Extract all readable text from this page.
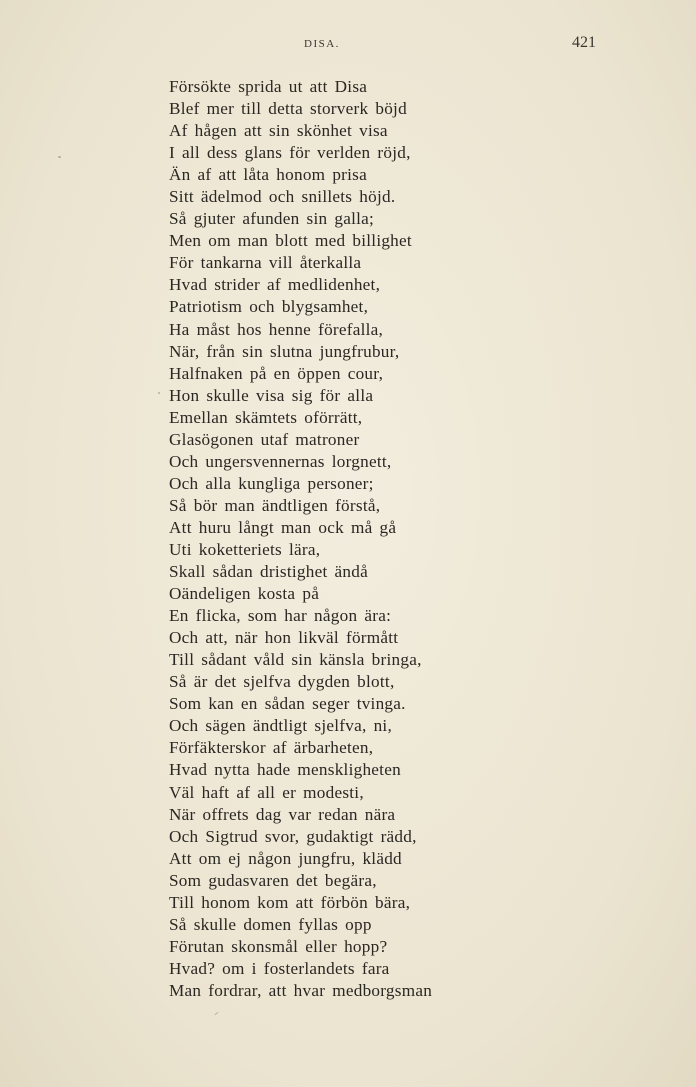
DISA.	421
Försökte sprida ut att Disa
Blef mer till detta storverk böjd
Af hågen att sin skönhet visa
I all dess glans för verlden röjd,
Än af att låta honom prisa
Sitt ädelmod och snillets höjd.
Så gjuter afunden sin galla;
Men om man blott med billighet
För tankarna vill återkalla
Hvad strider af medlidenhet,
Patriotism och blygsamhet,
Ha måst hos henne förefalla,
När, från sin slutna jungfrubur,
Halfnaken på en öppen cour,
Hon skulle visa sig för alla
Emellan skämtets oförrätt,
Glasögonen utaf matroner
Och ungersvennernas lorgnett,
Och alla kungliga personer;
Så bör man ändtligen förstå,
Att huru långt man ock må gå
Uti koketteriets lära,
Skall sådan dristighet ändå
Oändeligen kosta på
En flicka, som har någon ära:
Och att, när hon likväl förmått
Till sådant våld sin känsla bringa,
Så är det sjelfva dygden blott,
Som kan en sådan seger tvinga.
Och sägen ändtligt sjelfva, ni,
Förfäkterskor af ärbarheten,
Hvad nytta hade menskligheten
Väl haft af all er modesti,
När offrets dag var redan nära
Och Sigtrud svor, gudaktigt rädd,
Att om ej någon jungfru, klädd
Som gudasvaren det begära,
Till honom kom att förbön bära,
Så skulle domen fyllas opp
Förutan skonsmål eller hopp?
Hvad? om i fosterlandets fara
Man fordrar, att hvar medborgsman
